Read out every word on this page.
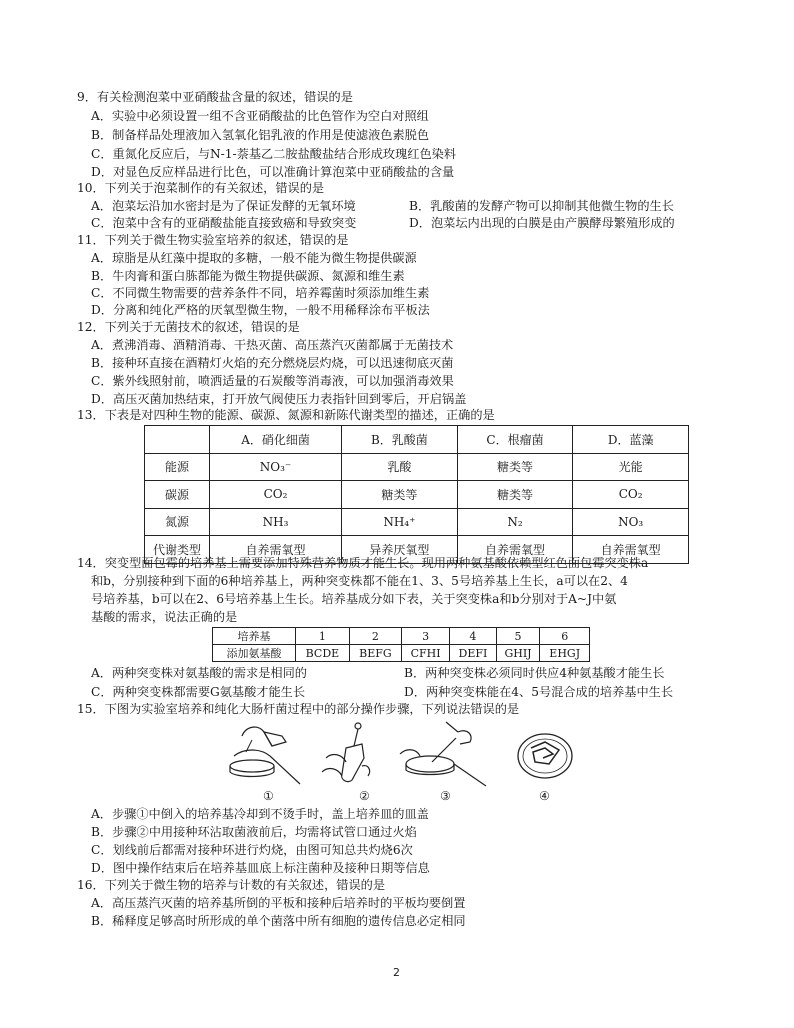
9．有关检测泡菜中亚硝酸盐含量的叙述，错误的是
A．实验中必须设置一组不含亚硝酸盐的比色管作为空白对照组
B．制备样品处理液加入氢氧化铝乳液的作用是使滤液色素脱色
C．重氮化反应后，与N-1-萘基乙二胺盐酸盐结合形成玫瑰红色染料
D．对显色反应样品进行比色，可以准确计算泡菜中亚硝酸盐的含量
10．下列关于泡菜制作的有关叙述，错误的是
A．泡菜坛沿加水密封是为了保证发酵的无氧环境	B．乳酸菌的发酵产物可以抑制其他微生物的生长
C．泡菜中含有的亚硝酸盐能直接致癌和导致突变	D．泡菜坛内出现的白膜是由产膜酵母繁殖形成的
11．下列关于微生物实验室培养的叙述，错误的是
A．琼脂是从红藻中提取的多糖，一般不能为微生物提供碳源
B．牛肉膏和蛋白胨都能为微生物提供碳源、氮源和维生素
C．不同微生物需要的营养条件不同，培养霉菌时须添加维生素
D．分离和纯化严格的厌氧型微生物，一般不用稀释涂布平板法
12．下列关于无菌技术的叙述，错误的是
A．煮沸消毒、酒精消毒、干热灭菌、高压蒸汽灭菌都属于无菌技术
B．接种环直接在酒精灯火焰的充分燃烧层灼烧，可以迅速彻底灭菌
C．紫外线照射前，喷洒适量的石炭酸等消毒液，可以加强消毒效果
D．高压灭菌加热结束，打开放气阀使压力表指针回到零后，开启锅盖
13．下表是对四种生物的能源、碳源、氮源和新陈代谢类型的描述，正确的是
	A．硝化细菌	B．乳酸菌	C．根瘤菌	D．蓝藻
能源	NO₃⁻	乳酸	糖类等	光能
碳源	CO₂	糖类等	糖类等	CO₂
氮源	NH₃	NH₄⁺	N₂	NO₃
代谢类型	自养需氧型	异养厌氧型	自养需氧型	自养需氧型
14．突变型面包霉的培养基上需要添加特殊营养物质才能生长。现用两种氨基酸依赖型红色面包霉突变株a
和b，分别接种到下面的6种培养基上，两种突变株都不能在1、3、5号培养基上生长，a可以在2、4
号培养基，b可以在2、6号培养基上生长。培养基成分如下表，关于突变株a和b分别对于A~J中氨
基酸的需求，说法正确的是
培养基	1	2	3	4	5	6
添加氨基酸	BCDE	BEFG	CFHI	DEFI	GHIJ	EHGJ
A．两种突变株对氨基酸的需求是相同的	B．两种突变株必须同时供应4种氨基酸才能生长
C．两种突变株都需要G氨基酸才能生长	D．两种突变株能在4、5号混合成的培养基中生长
15．下图为实验室培养和纯化大肠杆菌过程中的部分操作步骤，下列说法错误的是
①	②	③	④
A．步骤①中倒入的培养基冷却到不烫手时，盖上培养皿的皿盖
B．步骤②中用接种环沾取菌液前后，均需将试管口通过火焰
C．划线前后都需对接种环进行灼烧，由图可知总共灼烧6次
D．图中操作结束后在培养基皿底上标注菌种及接种日期等信息
16．下列关于微生物的培养与计数的有关叙述，错误的是
A．高压蒸汽灭菌的培养基所倒的平板和接种后培养时的平板均要倒置
B．稀释度足够高时所形成的单个菌落中所有细胞的遗传信息必定相同
2
